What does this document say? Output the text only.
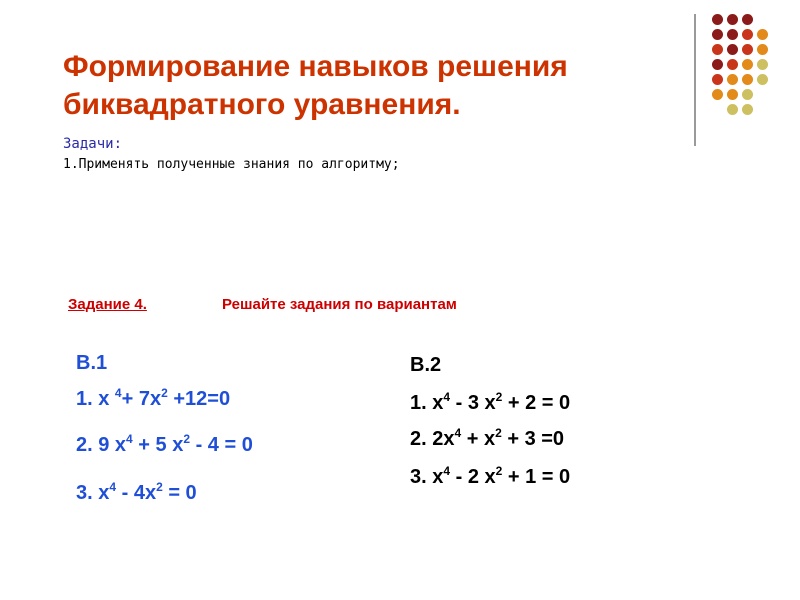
Формирование навыков решения биквадратного уравнения.
Задачи:
1.Применять полученные знания по алгоритму;
Задание 4.	Решайте задания по вариантам
В.1
1. x $^4+ 7x^2 +12=0$
2. 9 $x^4 + 5$ $x^2 - 4 = 0$
3. $x^4 - 4x^2 = 0$
В.2
1. $x^4 - 3$ $x^2 + 2 = 0$
2. $2x^4 + x^2 + 3 =0$
3. $x^4 - 2$ $x^2 + 1 = 0$
